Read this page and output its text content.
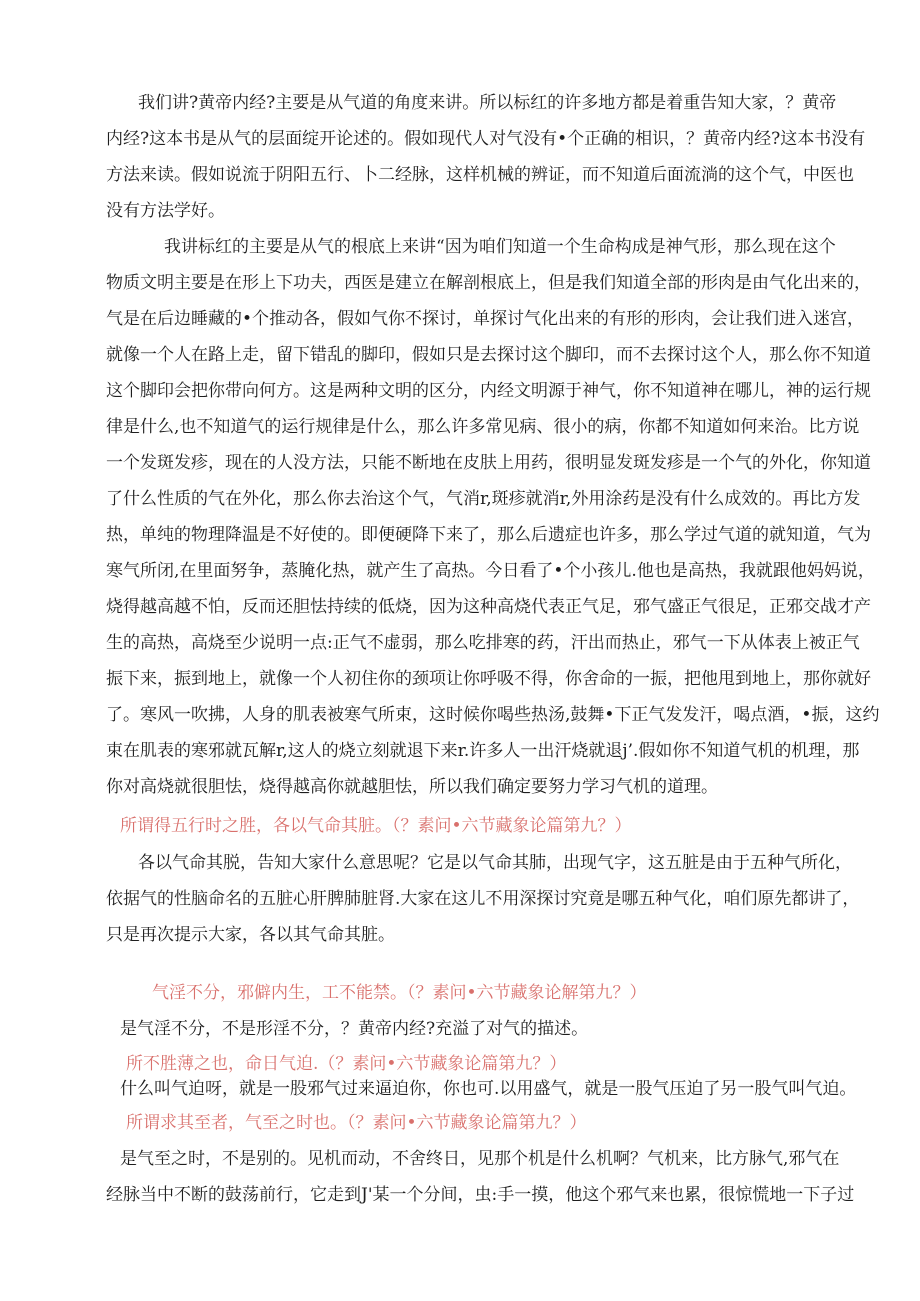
我们讲?黄帝内经?主要是从气道的角度来讲。所以标红的许多地方都是着重告知大家，？黄帝
内经?这本书是从气的层面绽开论述的。假如现代人对气没有•个正确的相识，？黄帝内经?这本书没有
方法来读。假如说流于阴阳五行、卜二经脉，这样机械的辨证，而不知道后面流淌的这个气，中医也
没有方法学好。
我讲标红的主要是从气的根底上来讲“因为咱们知道一个生命构成是神气形，那么现在这个
物质文明主要是在形上下功夫，西医是建立在解剖根底上，但是我们知道全部的形肉是由气化出来的，
气是在后边睡藏的•个推动各，假如气你不探讨，单探讨气化出来的有形的形肉，会让我们进入迷宫，
就像一个人在路上走，留下错乱的脚印，假如只是去探讨这个脚印，而不去探讨这个人，那么你不知道
这个脚印会把你带向何方。这是两种文明的区分，内经文明源于神气，你不知道神在哪儿，神的运行规
律是什么,也不知道气的运行规律是什么，那么许多常见病、很小的病，你都不知道如何来治。比方说
一个发斑发疹，现在的人没方法，只能不断地在皮肤上用药，很明显发斑发疹是一个气的外化，你知道
了什么性质的气在外化，那么你去治这个气，气消r,斑疹就消r,外用涂药是没有什么成效的。再比方发
热，单纯的物理降温是不好使的。即便硬降下来了，那么后遗症也许多，那么学过气道的就知道，气为
寒气所闭,在里面努争，蒸腌化热，就产生了高热。今日看了•个小孩儿.他也是高热，我就跟他妈妈说，
烧得越高越不怕，反而还胆怯持续的低烧，因为这种高烧代表正气足，邪气盛正气很足，正邪交战才产
生的高热，高烧至少说明一点:正气不虚弱，那么吃排寒的药，汗出而热止，邪气一下从体表上被正气
振下来，振到地上，就像一个人初住你的颈项让你呼吸不得，你舍命的一振，把他甩到地上，那你就好
了。寒风一吹拂，人身的肌表被寒气所束，这时候你喝些热汤,鼓舞•下正气发发汗，喝点酒，•振，这约
束在肌表的寒邪就瓦解r,这人的烧立刻就退下来r.许多人一出汗烧就退j’.假如你不知道气机的机理，那
你对高烧就很胆怯，烧得越高你就越胆怯，所以我们确定要努力学习气机的道理。
所谓得五行时之胜，各以气命其脏。（？素问•六节藏象论篇第九？）
各以气命其脱，告知大家什么意思呢？它是以气命其肺，出现气字，这五脏是由于五种气所化，
依据气的性脑命名的五脏心肝脾肺脏肾.大家在这儿不用深探讨究竟是哪五种气化，咱们原先都讲了，
只是再次提示大家，各以其气命其脏。
气淫不分，邪僻内生，工不能禁。（？素问•六节藏象论解第九？）
是气淫不分，不是形淫不分，？黄帝内经?充溢了对气的描述。
所不胜薄之也，命日气迫.（？素问•六节藏象论篇第九？）
什么叫气迫呀，就是一股邪气过来逼迫你，你也可.以用盛气，就是一股气压迫了另一股气叫气迫。
所谓求其至者，气至之时也。（？素问•六节藏象论篇第九？）
是气至之时，不是别的。见机而动，不舍终日，见那个机是什么机啊？气机来，比方脉气,邪气在
经脉当中不断的鼓荡前行，它走到J'某一个分间，虫:手一摸，他这个邪气来也累，很惊慌地一下子过
